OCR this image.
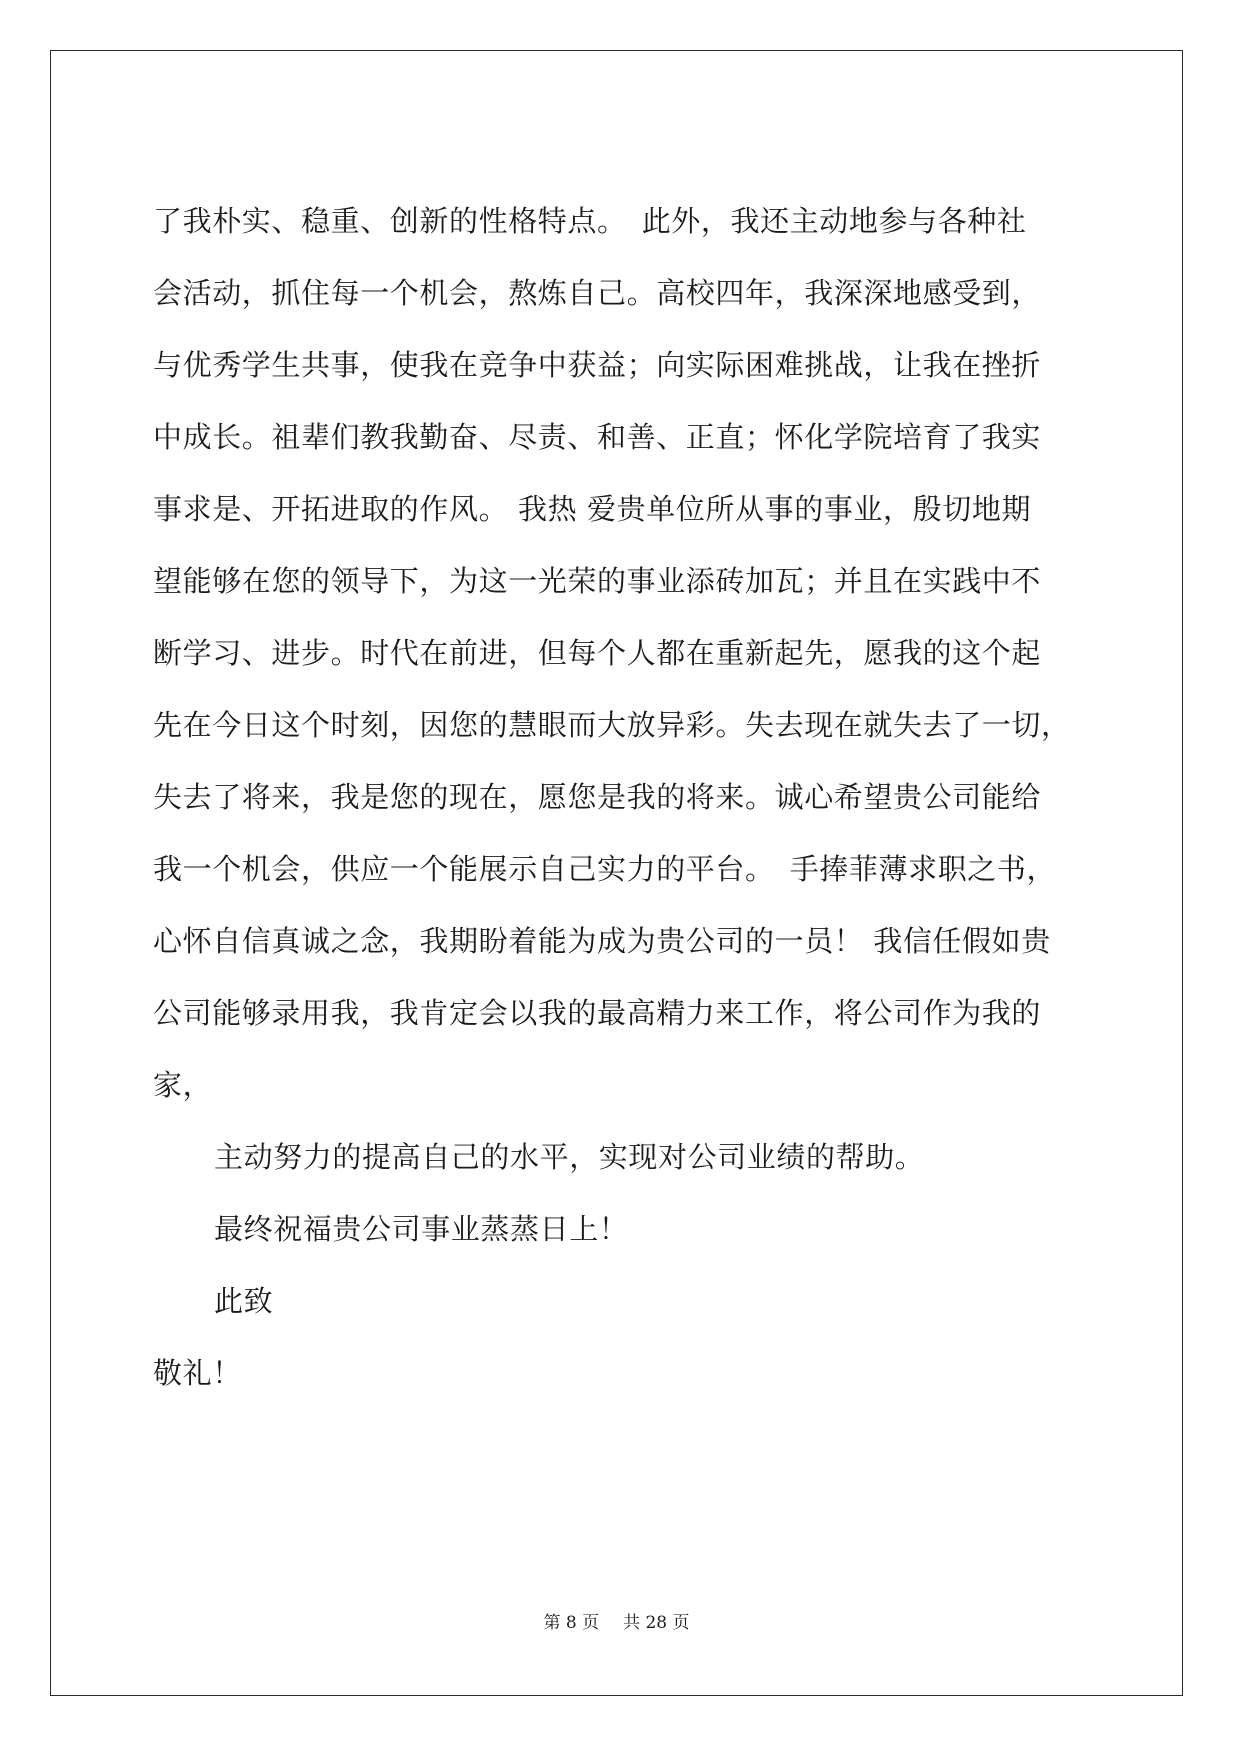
了我朴实、稳重、创新的性格特点。　此外，我还主动地参与各种社
会活动，抓住每一个机会，熬炼自己。高校四年，我深深地感受到，
与优秀学生共事，使我在竞争中获益；向实际困难挑战，让我在挫折
中成长。祖辈们教我勤奋、尽责、和善、正直；怀化学院培育了我实
事求是、开拓进取的作风。 我热 爱贵单位所从事的事业，殷切地期
望能够在您的领导下，为这一光荣的事业添砖加瓦；并且在实践中不
断学习、进步。时代在前进，但每个人都在重新起先，愿我的这个起
先在今日这个时刻，因您的慧眼而大放异彩。失去现在就失去了一切，
失去了将来，我是您的现在，愿您是我的将来。诚心希望贵公司能给
我一个机会，供应一个能展示自己实力的平台。　手捧菲薄求职之书，
心怀自信真诚之念，我期盼着能为成为贵公司的一员！ 我信任假如贵
公司能够录用我，我肯定会以我的最高精力来工作，将公司作为我的
家，
主动努力的提高自己的水平，实现对公司业绩的帮助。
最终祝福贵公司事业蒸蒸日上！
此致
敬礼！
第 8 页 共 28 页
